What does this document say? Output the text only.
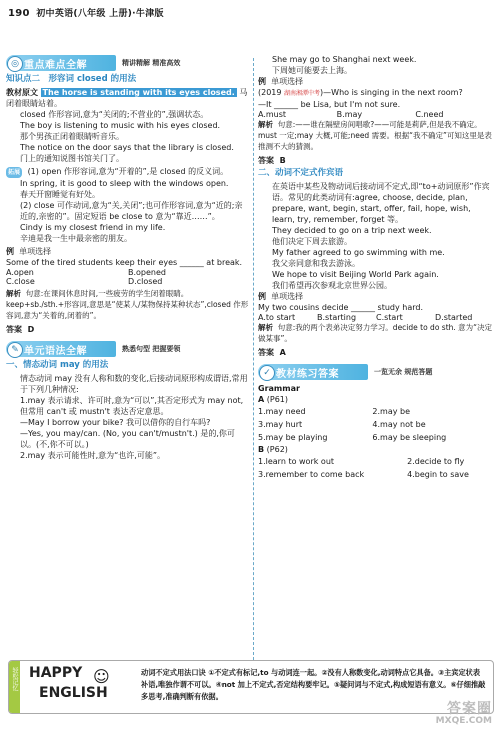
190 初中英语(八年级 上册)·牛津版
◎ 重点难点全解	精讲精解 精准高效

知识点二　形容词 closed 的用法

教材原文 The horse is standing with its eyes closed. 马闭着眼睛站着。

closed 作形容词,意为“关闭的;不营业的”,强调状态。

The boy is listening to music with his eyes closed.

那个男孩正闭着眼睛听音乐。

The notice on the door says that the library is closed.

门上的通知说图书馆关门了。

拓展 (1) open 作形容词,意为“开着的”,是 closed 的反义词。

In spring, it is good to sleep with the windows open.

春天开窗睡觉有好处。

(2) close 可作动词,意为“关,关闭”;也可作形容词,意为“近的;亲近的,亲密的”。固定短语 be close to 意为“靠近……”。

Cindy is my closest friend in my life.

辛迪是我一生中最亲密的朋友。

例 单项选择

Some of the tired students keep their eyes ______ at break.

A.open	B.opened
C.close	D.closed

解析 句意:在课间休息时间,一些疲劳的学生闭着眼睛。keep+sb./sth.+形容词,意思是“使某人/某物保持某种状态”,closed 作形容词,意为“关着的,闭着的”。

答案 D

✎ 单元语法全解	熟悉句型 把握要领

一、情态动词 may 的用法

情态动词 may 没有人称和数的变化,后接动词原形构成谓语,常用于下列几种情况:

1.may 表示请求、许可时,意为“可以”,其否定形式为 may not,但常用 can't 或 mustn't 表达否定意思。

—May I borrow your bike? 我可以借你的自行车吗?

—Yes, you may/can. (No, you can't/mustn't.) 是的,你可以。(不,你不可以。)

2.may 表示可能性时,意为“也许,可能”。

She may go to Shanghai next week.

下周她可能要去上海。

例 单项选择

(2019 湖南湘潭中考)—Who is singing in the next room?

—It ______ be Lisa, but I'm not sure.

A.must	B.may	C.need

解析 句意:——谁在隔壁房间唱歌?——可能是莉萨,但是我不确定。must 一定;may 大概,可能;need 需要。根据“我不确定”可知这里是表推测不大的猜测。

答案 B

二、动词不定式作宾语

在英语中某些及物动词后接动词不定式,即“to+动词原形”作宾语。常见的此类动词有:agree, choose, decide, plan, prepare, want, begin, start, offer, fail, hope, wish, learn, try, remember, forget 等。

They decided to go on a trip next week.

他们决定下周去旅游。

My father agreed to go swimming with me.

我父亲同意和我去游泳。

We hope to visit Beijing World Park again.

我们希望再次参观北京世界公园。

例 单项选择

My two cousins decide ______ study hard.

A.to start	B.starting	C.start	D.started

解析 句意:我的两个表弟决定努力学习。decide to do sth. 意为“决定做某事”。

答案 A

✓ 教材练习答案	一览无余 规范答题

Grammar

A (P61)

1.may need	2.may be
3.may hurt	4.may not be
5.may be playing	6.may be sleeping

B (P62)

1.learn to work out	2.decide to fly
3.remember to come back	4.begin to save
轻松记忆 HAPPY
ENGLISH
☺	动词不定式用法口诀 ①不定式有标记,to 与动词连一起。②没有人称数变化,动词特点它具备。③主宾定状表补语,唯独作谓不可以。④not 加上不定式,否定结构要牢记。⑤疑问词与不定式,构成短语有意义。⑥仔细推敲多思考,准确判断有依据。
答案圈
MXQE.COM
